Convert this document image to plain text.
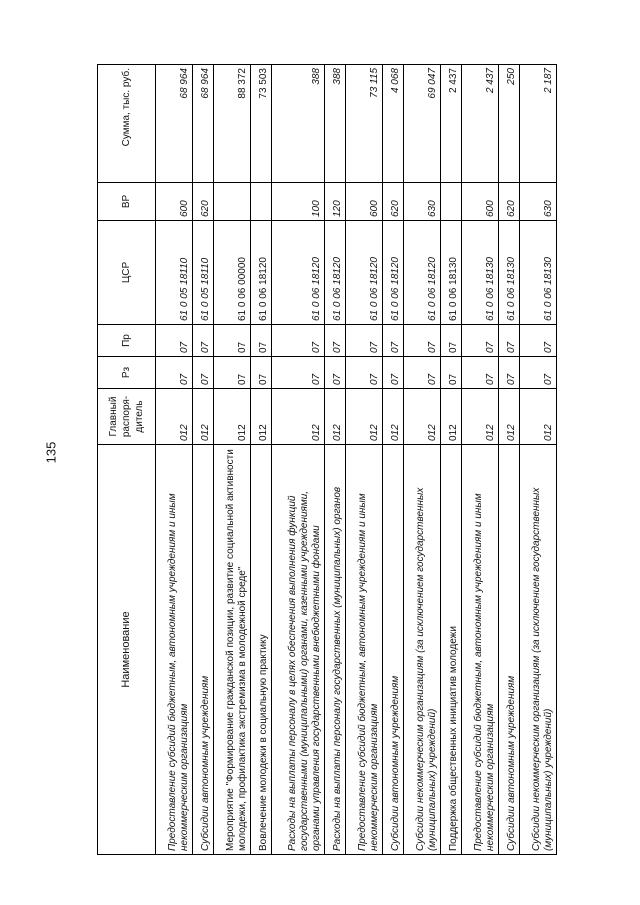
135
Наименование	Главный распоря-дитель	Рз	Пр	ЦСР	ВР	Сумма, тыс. руб.
Предоставление субсидий бюджетным, автономным учреждениям и иным некоммерческим организациям	012	07	07	61 0 05 18110	600	68 964
Субсидии автономным учреждениям	012	07	07	61 0 05 18110	620	68 964
Мероприятие "Формирование гражданской позиции, развитие социальной активности молодежи, профилактика экстремизма в молодежной среде"	012	07	07	61 0 06 00000		88 372
Вовлечение молодежи в социальную практику	012	07	07	61 0 06 18120		73 503
Расходы на выплаты персоналу в целях обеспечения выполнения функций государственными (муниципальными) органами, казенными учреждениями, органами управления государственными внебюджетными фондами	012	07	07	61 0 06 18120	100	388
Расходы на выплаты персоналу государственных (муниципальных) органов	012	07	07	61 0 06 18120	120	388
Предоставление субсидий бюджетным, автономным учреждениям и иным некоммерческим организациям	012	07	07	61 0 06 18120	600	73 115
Субсидии автономным учреждениям	012	07	07	61 0 06 18120	620	4 068
Субсидии некоммерческим организациям (за исключением государственных (муниципальных) учреждений)	012	07	07	61 0 06 18120	630	69 047
Поддержка общественных инициатив молодежи	012	07	07	61 0 06 18130		2 437
Предоставление субсидий бюджетным, автономным учреждениям и иным некоммерческим организациям	012	07	07	61 0 06 18130	600	2 437
Субсидии автономным учреждениям	012	07	07	61 0 06 18130	620	250
Субсидии некоммерческим организациям (за исключением государственных (муниципальных) учреждений)	012	07	07	61 0 06 18130	630	2 187
